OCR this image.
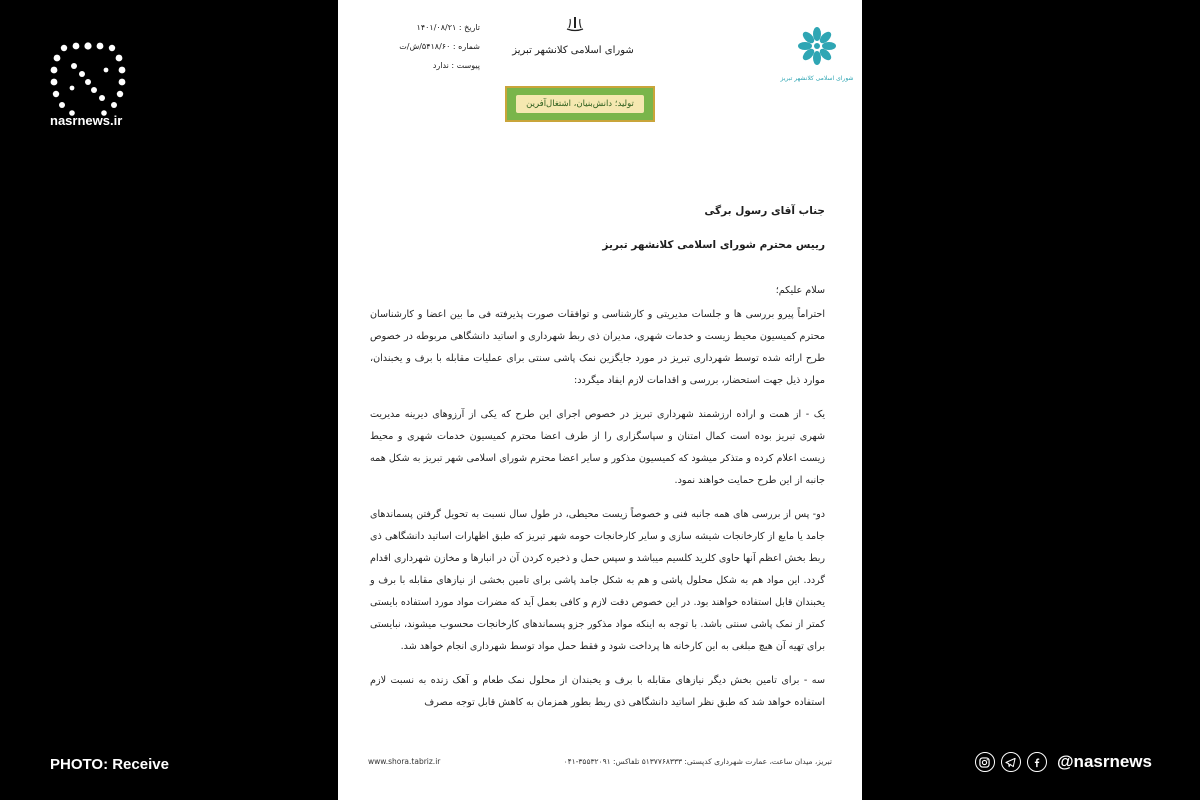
nasrnews.ir
PHOTO: Receive	@nasrnews
تاریخ : ۱۴۰۱/۰۸/۲۱
شماره : ۵۴۱۸/۶۰/ش/ت
پیوست : ندارد
شورای اسلامی کلانشهر تبریز
تولید؛ دانش‌بنیان، اشتغال‌آفرین
شورای اسلامی کلانشهر تبریز

جناب آقای رسول برگی

رییس محترم شورای اسلامی کلانشهر تبریز

سلام علیکم؛

احتراماً پیرو بررسی ها و جلسات مدیریتی و کارشناسی و توافقات صورت پذیرفته فی ما بین اعضا و کارشناسان محترم کمیسیون محیط زیست و خدمات شهری، مدیران ذی ربط شهرداری و اساتید دانشگاهی مربوطه در خصوص طرح ارائه شده توسط شهرداری تبریز در مورد جایگزین نمک پاشی سنتی برای عملیات مقابله با برف و یخبندان، موارد ذیل جهت استحضار، بررسی و اقدامات لازم ایفاد میگردد:

یک - از همت و اراده ارزشمند شهرداری تبریز در خصوص اجرای این طرح که یکی از آرزوهای دیرینه مدیریت شهری تبریز بوده است کمال امتنان و سپاسگزاری را از طرف اعضا محترم کمیسیون خدمات شهری و محیط زیست اعلام کرده و متذکر میشود که کمیسیون مذکور و سایر اعضا محترم شورای اسلامی شهر تبریز به شکل همه جانبه از این طرح حمایت خواهند نمود.

دو- پس از بررسی های همه جانبه فنی و خصوصاً زیست محیطی، در طول سال نسبت به تحویل گرفتن پسماندهای جامد یا مایع از کارخانجات شیشه سازی و سایر کارخانجات حومه شهر تبریز که طبق اظهارات اساتید دانشگاهی ذی ربط بخش اعظم آنها حاوی کلرید کلسیم میباشد و سپس حمل و ذخیره کردن آن در انبارها و مخازن شهرداری اقدام گردد. این مواد هم به شکل محلول پاشی و هم به شکل جامد پاشی برای تامین بخشی از نیازهای مقابله با برف و یخبندان قابل استفاده خواهند بود. در این خصوص دقت لازم و کافی بعمل آید که مضرات مواد مورد استفاده بایستی کمتر از نمک پاشی سنتی باشد. با توجه به اینکه مواد مذکور جزو پسماندهای کارخانجات محسوب میشوند، نبایستی برای تهیه آن هیچ مبلغی به این کارخانه ها پرداخت شود و فقط حمل مواد توسط شهرداری انجام خواهد شد.

سه - برای تامین بخش دیگر نیازهای مقابله با برف و یخبندان از محلول نمک طعام و آهک زنده به نسبت لازم استفاده خواهد شد که طبق نظر اساتید دانشگاهی ذی ربط بطور همزمان به کاهش قابل توجه مصرف

www.shora.tabriz.ir	تبریز، میدان ساعت، عمارت شهرداری کدپستی: ۵۱۳۷۷۶۸۳۳۳ تلفاکس: ۳۵۵۳۲۰۹۱-۰۴۱
